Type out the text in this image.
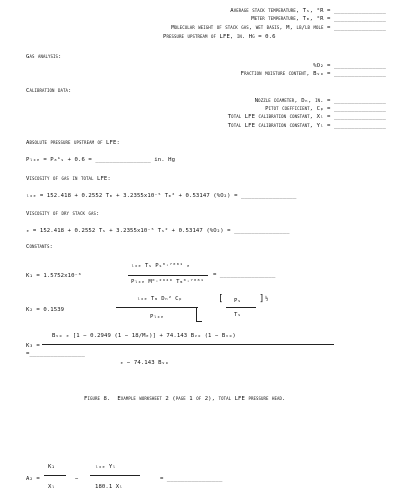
Average stack temperature, Tₛ, °R = _______________
Meter temperature, Tₘ, °R = _______________
Molecular weight of stack gas, wet basis, M, lb/lb mole = _______________
Pressure upstream of LFE, in. Hg = 0.6
Gas analysis:
%O₂ = _______________
Fraction moisture content, Bᵥₒ = _______________
Calibration data:
Nozzle diameter, Dₙ, in. = _______________
Pitot coefficient, Cₚ = _______________
Total LFE calibration constant, Xₗ = _______________
Total LFE calibration constant, Yₗ = _______________
Absolute pressure upstream of LFE:
Pₗₓₑ = Pₐᵇₛ + 0.6 = ________________ in. Hg
Viscosity of gas in total LFE:
ₗₓₑ = 152.418 + 0.2552 Tₘ + 3.2355x10⁻⁵ Tₘ² + 0.53147 (%O₂) = ________________
Viscosity of dry stack gas:
ₑ = 152.418 + 0.2552 Tₛ + 3.2355x10⁻⁵ Tₛ² + 0.53147 (%O₂) = ________________
Constants:
K₁ = 1.5752x10⁻⁶
ₗₓₑ Tₛ Pₛ⁰·⁷⁰⁸¹ ₑ
Pₗₓₑ M⁰·²⁹⁴⁹ Tₘ⁰·⁷⁰⁸¹
= ________________
K₂ = 0.1539
ₗₓₑ Tₘ Dₙ² Cₚ
Pₗₓₑ
[ Pₛ
Tₛ
] ½
Bᵥₒ ₑ [1 − 0.2949 (1 − 18/Mₑ)] + 74.143 Bᵥₒ (1 − Bᵥₒ)
K₃ =
=________________
ₑ − 74.143 Bᵥₒ
Figure 8.  Example worksheet 2 (page 1 of 2), total LFE pressure head.
A₂ =
K₁
Xₗ
−
ₗₓₑ Yₗ
180.1 Xₗ
= ________________
